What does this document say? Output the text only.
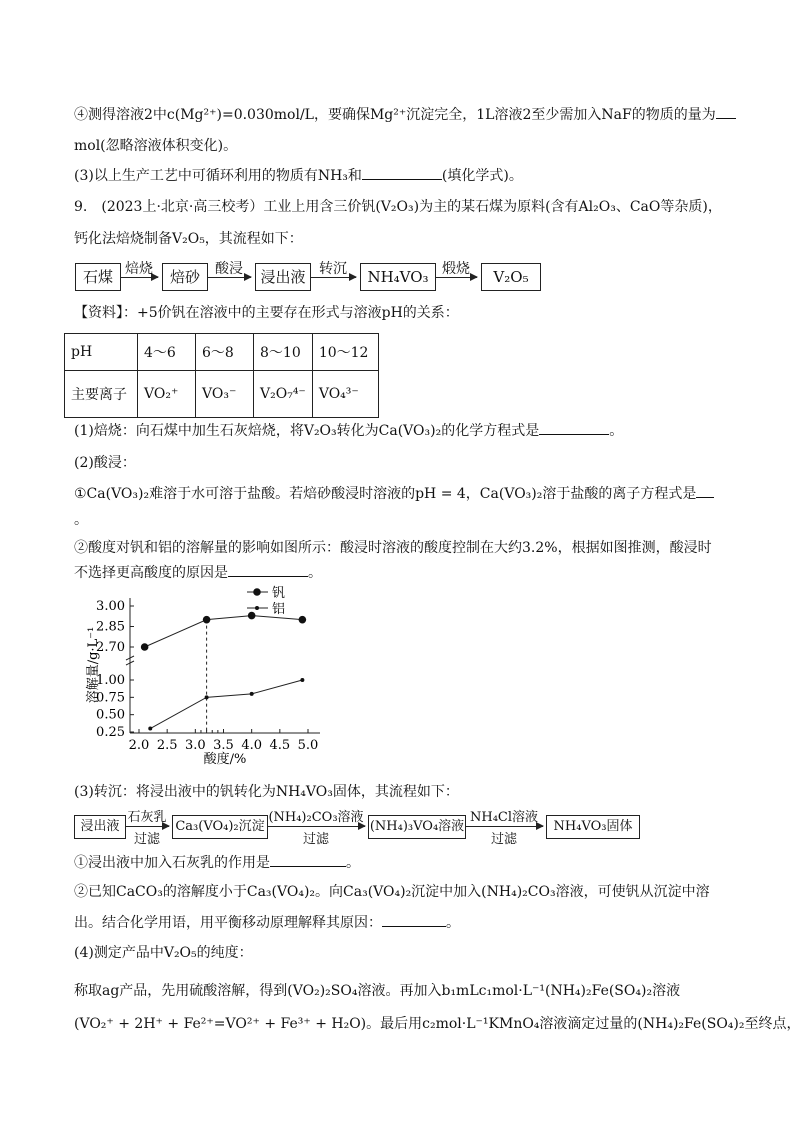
④测得溶液2中c(Mg²⁺)=0.030mol/L，要确保Mg²⁺沉淀完全，1L溶液2至少需加入NaF的物质的量为
mol(忽略溶液体积变化)。
(3)以上生产工艺中可循环利用的物质有NH₃和	(填化学式)。
9.　(2023上·北京·高三校考）工业上用含三价钒(V₂O₃)为主的某石煤为原料(含有Al₂O₃、CaO等杂质)，
钙化法焙烧制备V₂O₅，其流程如下：
【资料】：+5价钒在溶液中的主要存在形式与溶液pH的关系：
石煤 焙烧	焙砂	酸浸	浸出液 转沉	NH₄VO₃ 煅烧	V₂O₅
pH	4～6	6～8	8～10	10～12
主要离子	VO₂⁺	VO₃⁻	V₂O₇⁴⁻	VO₄³⁻
(1)焙烧：向石煤中加生石灰焙烧，将V₂O₃转化为Ca(VO₃)₂的化学方程式是	。
(2)酸浸：
①Ca(VO₃)₂难溶于水可溶于盐酸。若焙砂酸浸时溶液的pH = 4，Ca(VO₃)₂溶于盐酸的离子方程式是
。
②酸度对钒和铝的溶解量的影响如图所示：酸浸时溶液的酸度控制在大约3.2%，根据如图推测，酸浸时
不选择更高酸度的原因是	。
3.00
2.85
2.70
1.00
0.75
0.50
0.25
2.0 2.5 3.0 3.5 4.0 4.5 5.0
酸度/%
溶解量/g·L⁻¹
钒
铝
(3)转沉：将浸出液中的钒转化为NH₄VO₃固体，其流程如下：
浸出液
石灰乳
过滤
Ca₃(VO₄)₂沉淀
(NH₄)₂CO₃溶液
过滤
(NH₄)₃VO₄溶液
NH₄Cl溶液
过滤
NH₄VO₃固体
①浸出液中加入石灰乳的作用是	。
②已知CaCO₃的溶解度小于Ca₃(VO₄)₂。向Ca₃(VO₄)₂沉淀中加入(NH₄)₂CO₃溶液，可使钒从沉淀中溶
出。结合化学用语，用平衡移动原理解释其原因：	。
(4)测定产品中V₂O₅的纯度：
称取ag产品，先用硫酸溶解，得到(VO₂)₂SO₄溶液。再加入b₁mLc₁mol·L⁻¹(NH₄)₂Fe(SO₄)₂溶液
(VO₂⁺ + 2H⁺ + Fe²⁺=VO²⁺ + Fe³⁺ + H₂O)。最后用c₂mol·L⁻¹KMnO₄溶液滴定过量的(NH₄)₂Fe(SO₄)₂至终点，
